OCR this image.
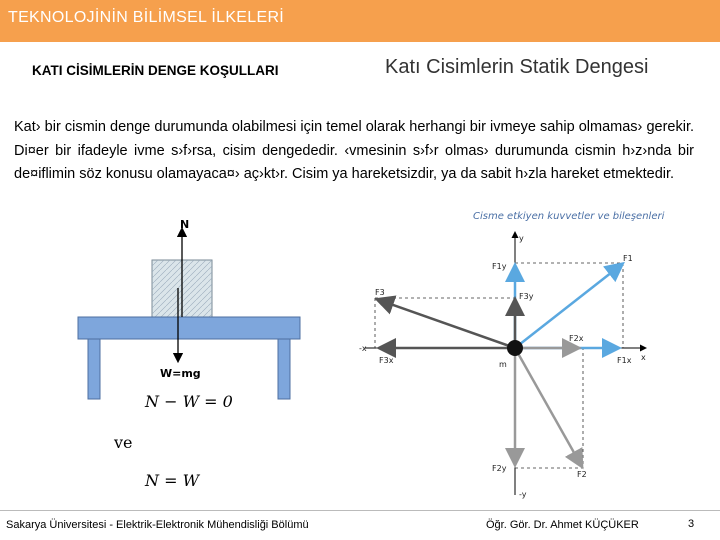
TEKNOLOJİNİN BİLİMSEL İLKELERİ
KATI CİSİMLERİN DENGE KOŞULLARI	Katı Cisimlerin Statik Dengesi
Kat› bir cismin denge durumunda olabilmesi için temel olarak herhangi bir ivmeye sahip olmamas› gerekir. Di¤er bir ifadeyle ivme s›f›rsa, cisim dengededir. ‹vmesinin s›f›r olmas› durumunda cismin h›z›nda bir de¤iflimin söz konusu olamayaca¤› aç›kt›r. Cisim ya hareketsizdir, ya da sabit h›zla hareket etmektedir.
N
W=mg
N − W = 0
ve
N = W
Cisme etkiyen kuvvetler ve bileşenleri
y
-y
x
-x
F1
F2
F3
F1y
F3y
F2y
F1x
F2x
F3x	m
Sakarya Üniversitesi - Elektrik-Elektronik Mühendisliği Bölümü	Öğr. Gör. Dr. Ahmet KÜÇÜKER	3
